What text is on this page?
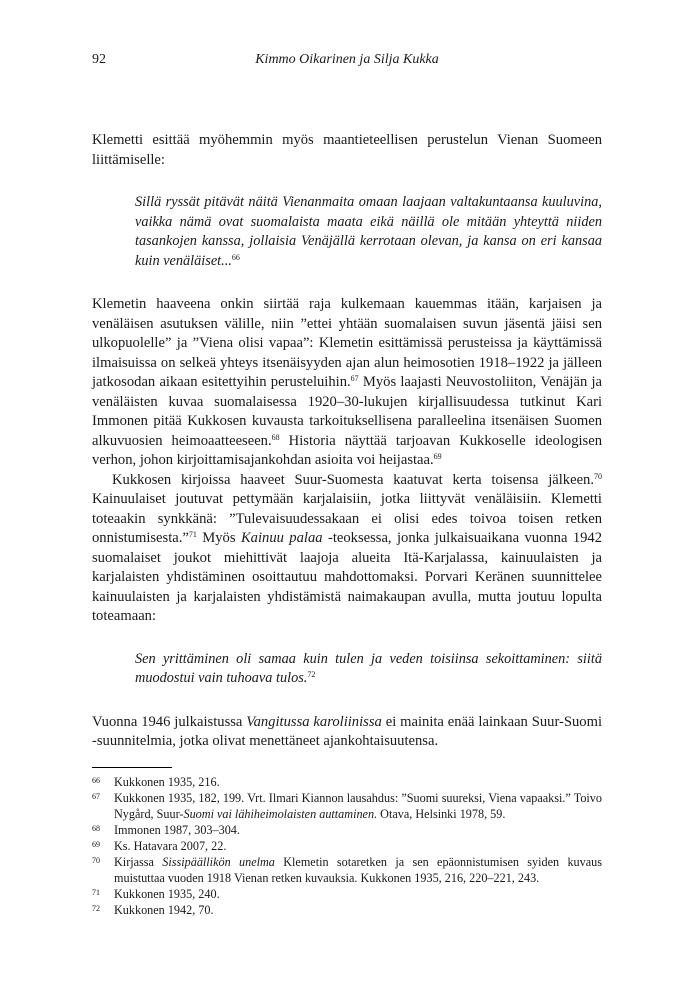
92	Kimmo Oikarinen ja Silja Kukka

Klemetti esittää myöhemmin myös maantieteellisen perustelun Vienan Suomeen liittämiselle:

Sillä ryssät pitävät näitä Vienanmaita omaan laajaan valtakuntaansa kuuluvina, vaikka nämä ovat suomalaista maata eikä näillä ole mitään yhteyttä niiden tasankojen kanssa, jollaisia Venäjällä kerrotaan olevan, ja kansa on eri kansaa kuin venäläiset...$^{66}$

Klemetin haaveena onkin siirtää raja kulkemaan kauemmas itään, karjaisen ja venäläisen asutuksen välille, niin ”ettei yhtään suomalaisen suvun jäsentä jäisi sen ulkopuolelle” ja ”Viena olisi vapaa”: Klemetin esittämissä perusteissa ja käyttämissä ilmaisuissa on selkeä yhteys itsenäisyyden ajan alun heimosotien 1918–1922 ja jälleen jatkosodan aikaan esitettyihin perusteluihin.$^{67}$ Myös laajasti Neuvostoliiton, Venäjän ja venäläisten kuvaa suomalaisessa 1920–30-lukujen kirjallisuudessa tutkinut Kari Immonen pitää Kukkosen kuvausta tarkoituksellisena paralleelina itsenäisen Suomen alkuvuosien heimoaatteeseen.$^{68}$ Historia näyttää tarjoavan Kukkoselle ideologisen verhon, johon kirjoittamisajankohdan asioita voi heijastaa.$^{69}$

Kukkosen kirjoissa haaveet Suur-Suomesta kaatuvat kerta toisensa jälkeen.$^{70}$ Kainuulaiset joutuvat pettymään karjalaisiin, jotka liittyvät venäläisiin. Klemetti toteaakin synkkänä: ”Tulevaisuudessakaan ei olisi edes toivoa toisen retken onnistumisesta.”$^{71}$ Myös Kainuu palaa -teoksessa, jonka julkaisuaikana vuonna 1942 suomalaiset joukot miehittivät laajoja alueita Itä-Karjalassa, kainuulaisten ja karjalaisten yhdistäminen osoittautuu mahdottomaksi. Porvari Keränen suunnittelee kainuulaisten ja karjalaisten yhdistämistä naimakaupan avulla, mutta joutuu lopulta toteamaan:

Sen yrittäminen oli samaa kuin tulen ja veden toisiinsa sekoittaminen: siitä muodostui vain tuhoava tulos.$^{72}$

Vuonna 1946 julkaistussa Vangitussa karoliinissa ei mainita enää lainkaan Suur-Suomi -suunnitelmia, jotka olivat menettäneet ajankohtaisuutensa.

66	Kukkonen 1935, 216.
67	Kukkonen 1935, 182, 199. Vrt. Ilmari Kiannon lausahdus: ”Suomi suureksi, Viena vapaaksi.” Toivo Nygård, Suur-Suomi vai lähiheimolaisten auttaminen. Otava, Helsinki 1978, 59.
68	Immonen 1987, 303–304.
69	Ks. Hatavara 2007, 22.
70	Kirjassa Sissipäällikön unelma Klemetin sotaretken ja sen epäonnistumisen syiden kuvaus muistuttaa vuoden 1918 Vienan retken kuvauksia. Kukkonen 1935, 216, 220–221, 243.
71	Kukkonen 1935, 240.
72	Kukkonen 1942, 70.
